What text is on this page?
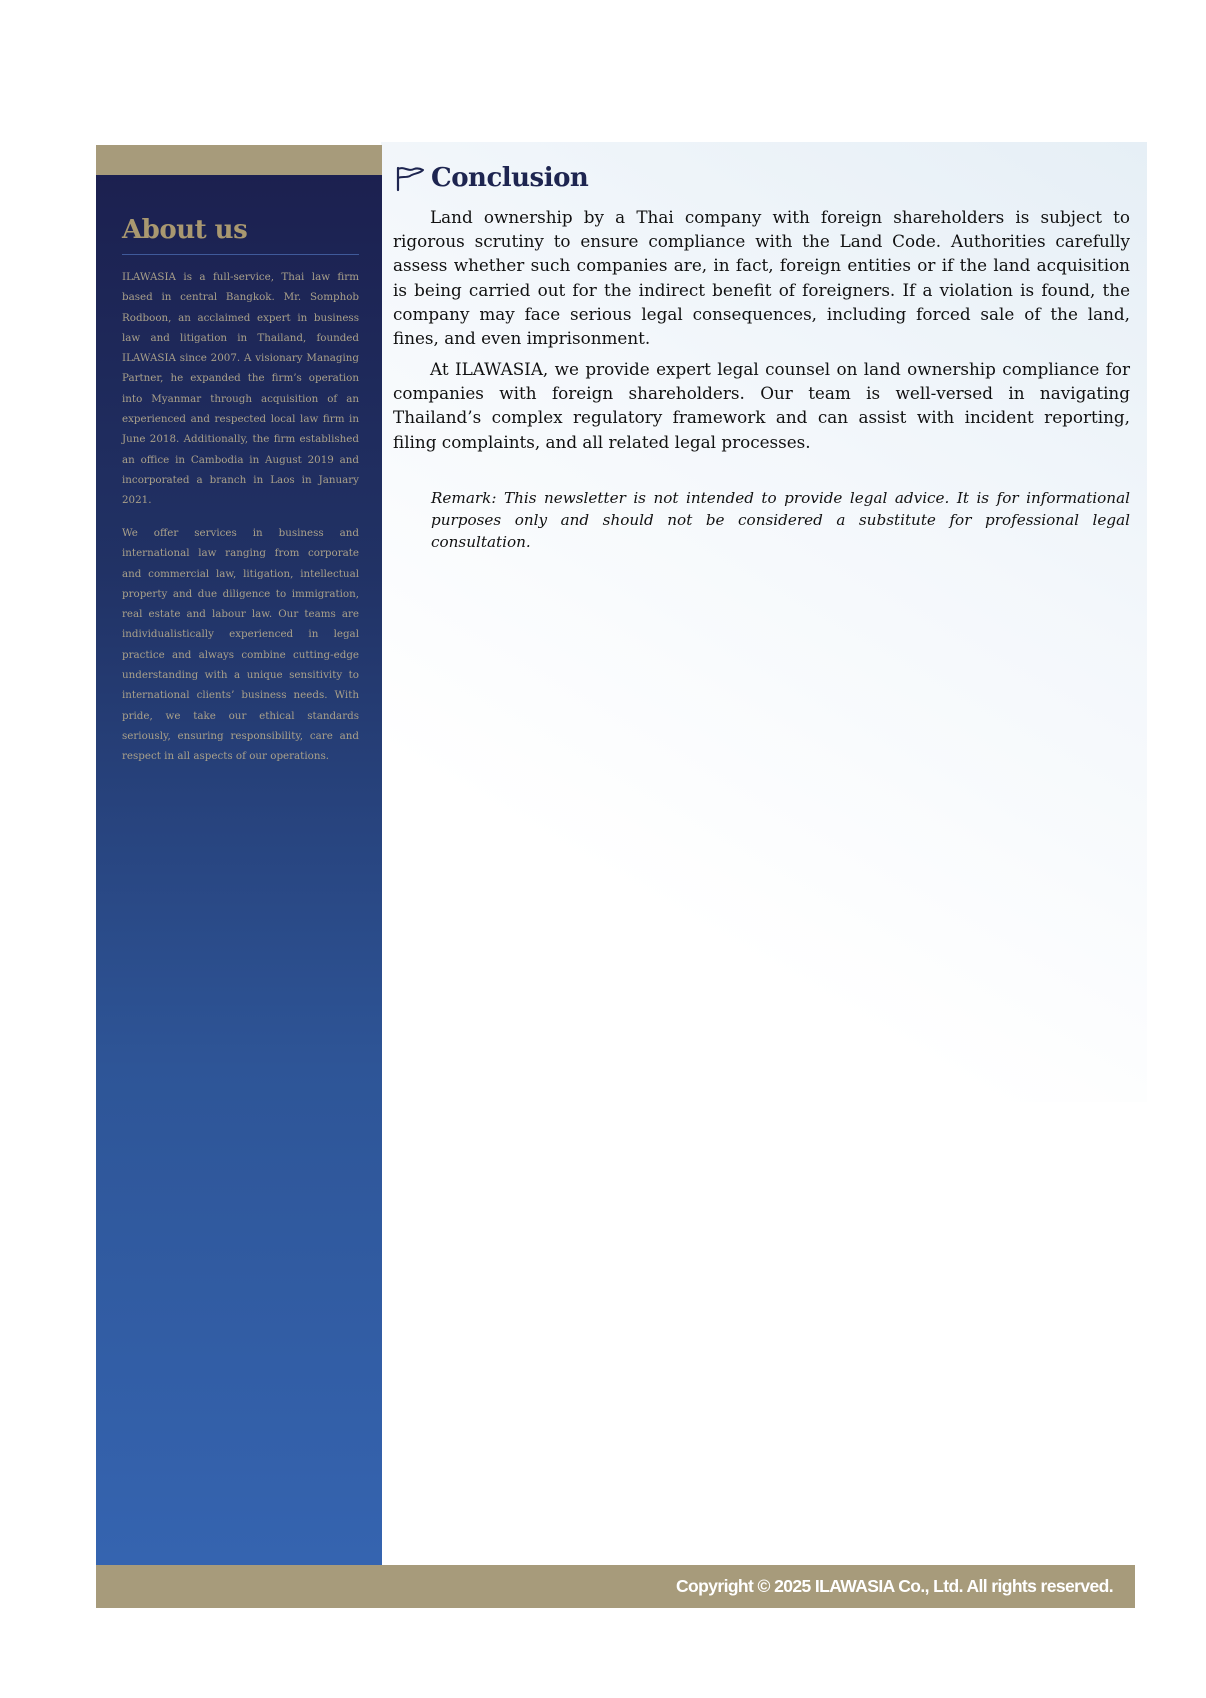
About us

ILAWASIA is a full-service, Thai law firm based in central Bangkok. Mr. Somphob Rodboon, an acclaimed expert in business law and litigation in Thailand, founded ILAWASIA since 2007. A visionary Managing Partner, he expanded the firm’s operation into Myanmar through acquisition of an experienced and respected local law firm in June 2018. Additionally, the firm established an office in Cambodia in August 2019 and incorporated a branch in Laos in January 2021.

We offer services in business and international law ranging from corporate and commercial law, litigation, intellectual property and due diligence to immigration, real estate and labour law. Our teams are individualistically experienced in legal practice and always combine cutting-edge understanding with a unique sensitivity to international clients’ business needs. With pride, we take our ethical standards seriously, ensuring responsibility, care and respect in all aspects of our operations.

Conclusion

Land ownership by a Thai company with foreign shareholders is subject to rigorous scrutiny to ensure compliance with the Land Code. Authorities carefully assess whether such companies are, in fact, foreign entities or if the land acquisition is being carried out for the indirect benefit of foreigners. If a violation is found, the company may face serious legal consequences, including forced sale of the land, fines, and even imprisonment.

At ILAWASIA, we provide expert legal counsel on land ownership compliance for companies with foreign shareholders. Our team is well-versed in navigating Thailand’s complex regulatory framework and can assist with incident reporting, filing complaints, and all related legal processes.

Remark: This newsletter is not intended to provide legal advice. It is for informational purposes only and should not be considered a substitute for professional legal consultation.

Copyright © 2025 ILAWASIA Co., Ltd. All rights reserved.
